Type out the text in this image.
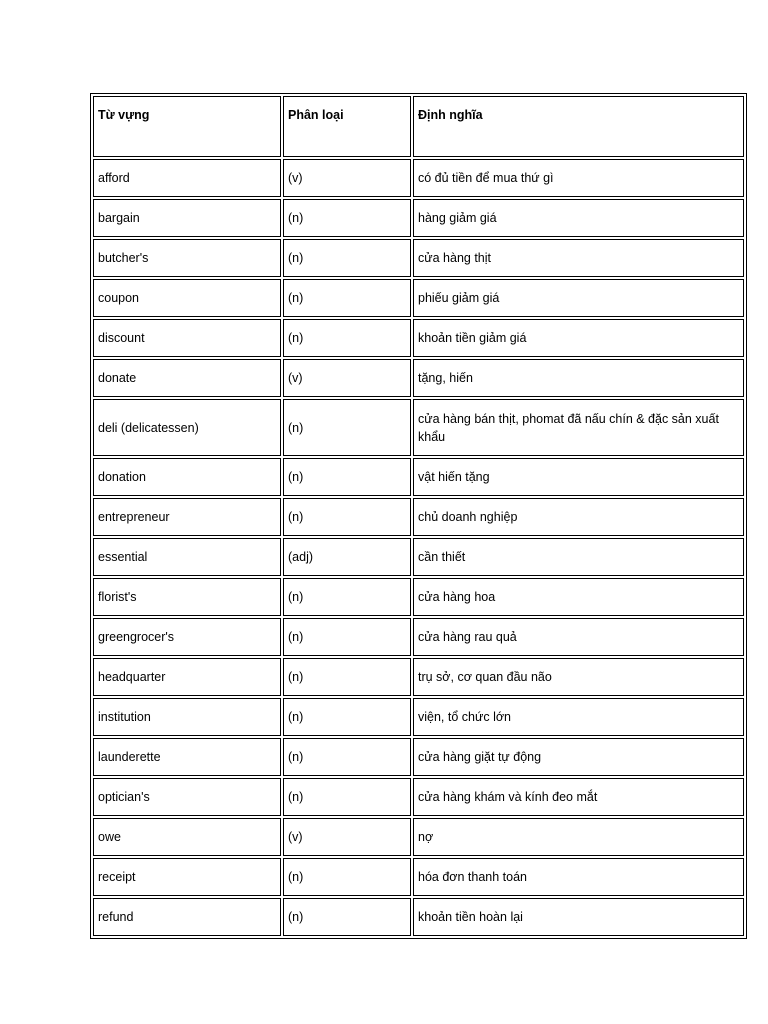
Từ vựng	Phân loại	Định nghĩa
afford	(v)	có đủ tiền để mua thứ gì
bargain	(n)	hàng giảm giá
butcher's	(n)	cửa hàng thịt
coupon	(n)	phiếu giảm giá
discount	(n)	khoản tiền giảm giá
donate	(v)	tặng, hiến
deli (delicatessen)	(n)	cửa hàng bán thịt, phomat đã nấu chín & đặc sản xuất khẩu
donation	(n)	vật hiến tặng
entrepreneur	(n)	chủ doanh nghiệp
essential	(adj)	cần thiết
florist's	(n)	cửa hàng hoa
greengrocer's	(n)	cửa hàng rau quả
headquarter	(n)	trụ sở, cơ quan đầu não
institution	(n)	viện, tổ chức lớn
launderette	(n)	cửa hàng giặt tự động
optician's	(n)	cửa hàng khám và kính đeo mắt
owe	(v)	nợ
receipt	(n)	hóa đơn thanh toán
refund	(n)	khoản tiền hoàn lại
